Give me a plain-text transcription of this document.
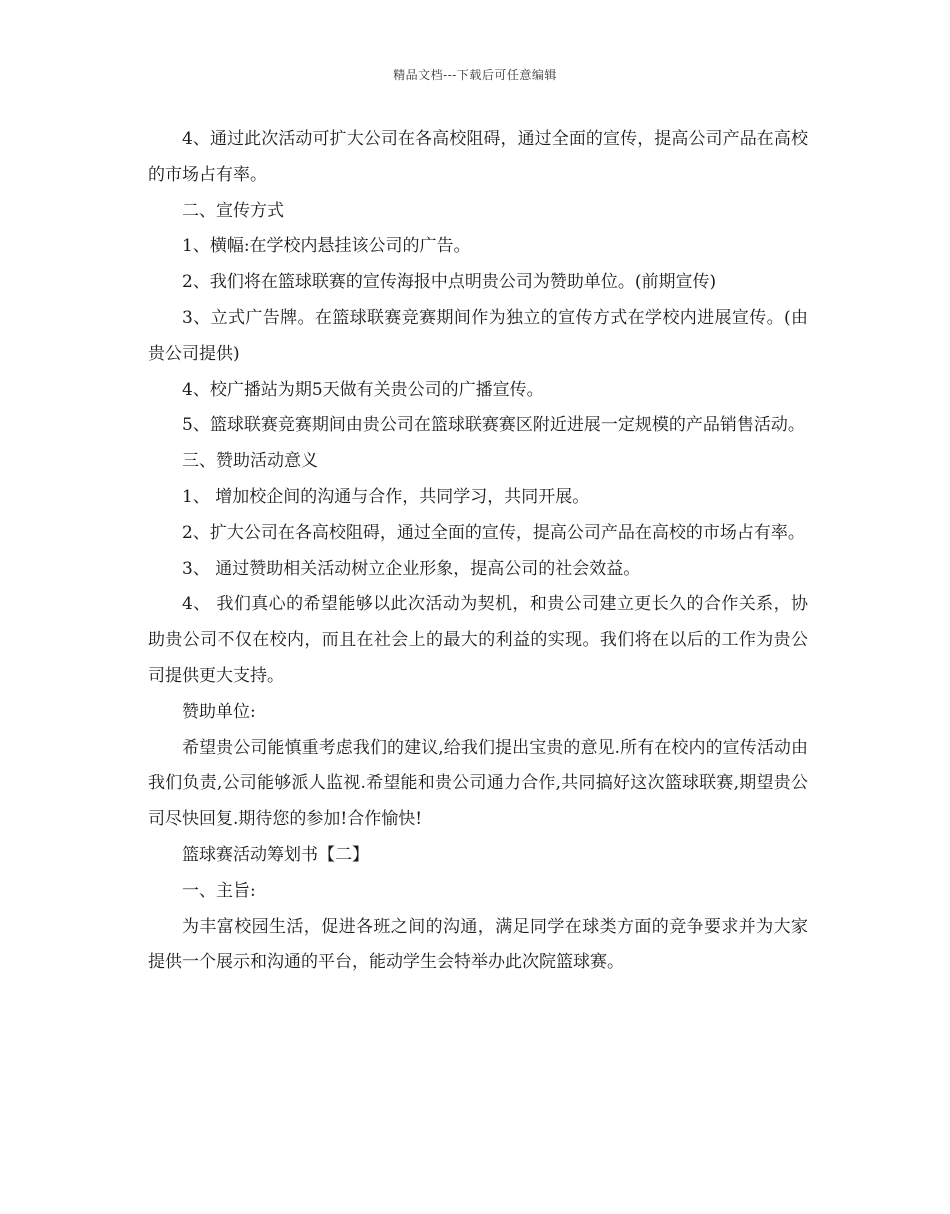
精品文档---下载后可任意编辑

4、通过此次活动可扩大公司在各高校阻碍，通过全面的宣传，提高公司产品在高校的市场占有率。

二、宣传方式

1、横幅:在学校内悬挂该公司的广告。

2、我们将在篮球联赛的宣传海报中点明贵公司为赞助单位。(前期宣传)

3、立式广告牌。在篮球联赛竞赛期间作为独立的宣传方式在学校内进展宣传。(由贵公司提供)

4、校广播站为期5天做有关贵公司的广播宣传。

5、篮球联赛竞赛期间由贵公司在篮球联赛赛区附近进展一定规模的产品销售活动。

三、赞助活动意义

1、 增加校企间的沟通与合作，共同学习，共同开展。

2、扩大公司在各高校阻碍，通过全面的宣传，提高公司产品在高校的市场占有率。

3、 通过赞助相关活动树立企业形象，提高公司的社会效益。

4、 我们真心的希望能够以此次活动为契机，和贵公司建立更长久的合作关系，协助贵公司不仅在校内，而且在社会上的最大的利益的实现。我们将在以后的工作为贵公司提供更大支持。

赞助单位:

希望贵公司能慎重考虑我们的建议,给我们提出宝贵的意见.所有在校内的宣传活动由我们负责,公司能够派人监视.希望能和贵公司通力合作,共同搞好这次篮球联赛,期望贵公司尽快回复.期待您的参加!合作愉快!

篮球赛活动筹划书【二】

一、主旨:

为丰富校园生活，促进各班之间的沟通，满足同学在球类方面的竞争要求并为大家提供一个展示和沟通的平台，能动学生会特举办此次院篮球赛。
